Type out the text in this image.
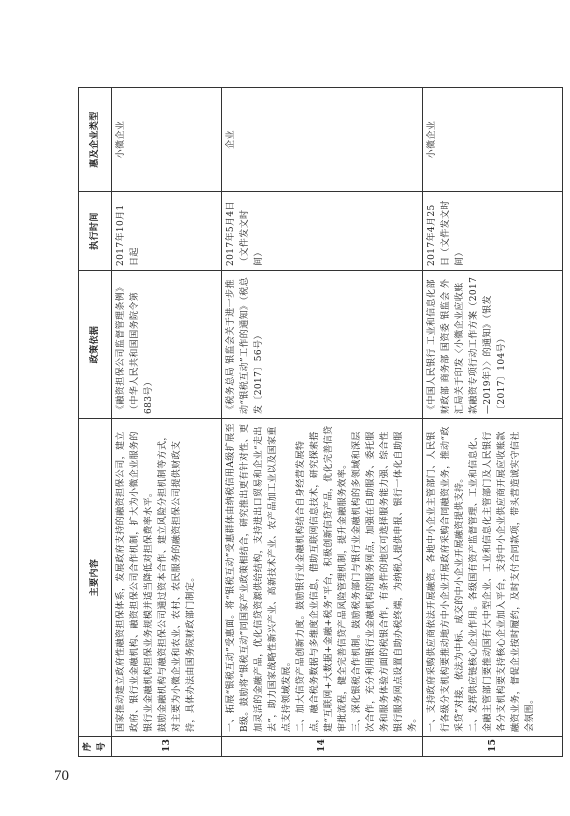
70
序号	主要内容	政策依据	执行时间	惠及企业类型
13	国家推动建立政府性融资担保体系，发展政府支持的融资担保公司，建立政府、银行业金融机构、融资担保公司合作机制，扩大为小微企业服务的银行业金融机构担保业务规模并适当降低对担保费率水平。 鼓励金融机构与融资担保公司通过资本合作、建立风险分担机制等方式，对主要为小微企业和农业、农村、农民服务的融资担保公司提供财政支持，具体办法由国务院财政部门制定。	《融资担保公司监督管理条例》（中华人民共和国国务院令第683号）	2017年10月1日起	小微企业
14	一、拓展“银税互动”受惠面。将“银税互动”受惠群体由纳税信用A级扩展至B级。鼓励将“银税互动”同国家产业政策相结合，研究推出更有针对性、更加灵活的金融产品，优化信贷资源供给结构，支持进出口贸易和企业“走出去”，助力国家战略性新兴产业、高新技术产业、农产品加工业以及国家重点支持领域发展。 二、加大信贷产品创新力度。鼓励银行业金融机构结合自身经营发展特点，融合税务数据与多维度企业信息，借助互联网信息技术，研究探索搭建“互联网+大数据+金融+税务”平台，积极创新信贷产品，优化完善信贷审批流程，健全完善信贷产品风险管理机制，提升金融服务效率。 三、深化银税合作机制。鼓励税务部门与银行业金融机构的多领域和深层次合作，充分利用银行业金融机构的服务网点，加强在自助服务、委托服务和服务体验方面的税银合作，有条件的地区可选择服务能力强、综合性银行服务网点设置自助办税终端，为纳税人提供申报、银行一体化自助服务。	《税务总局 银监会关于进一步推动“银税互动”工作的通知》（税总发〔2017〕56号）	2017年5月4日（文件发文时间）	企业
15	一、支持政府采购供应商依法开展融资。各地中小企业主管部门、人民银行各级分支机构要推动地方中小企业开展政府采购合同融资业务，推动“政采贷”对接，依法为中标、成交的中小企业开展融资提供支持。 二、发挥供应链核心企业作用。各级国有资产监督管理、工业和信息化、金融主管部门要推动国有大中型企业、工业和信息化主管部门及人民银行各分支机构要支持核心企业加入平台，支持中小企业供应商开展应收账款融资业务，督促企业按时履约，及时支付合同款项，带头营造诚实守信社会氛围。	《中国人民银行 工业和信息化部 财政部 商务部 国资委 银监会 外汇局关于印发〈小微企业应收账款融资专项行动工作方案（2017—2019年）〉的通知》（银发〔2017〕104号）	2017年4月25日（文件发文时间）	小微企业
